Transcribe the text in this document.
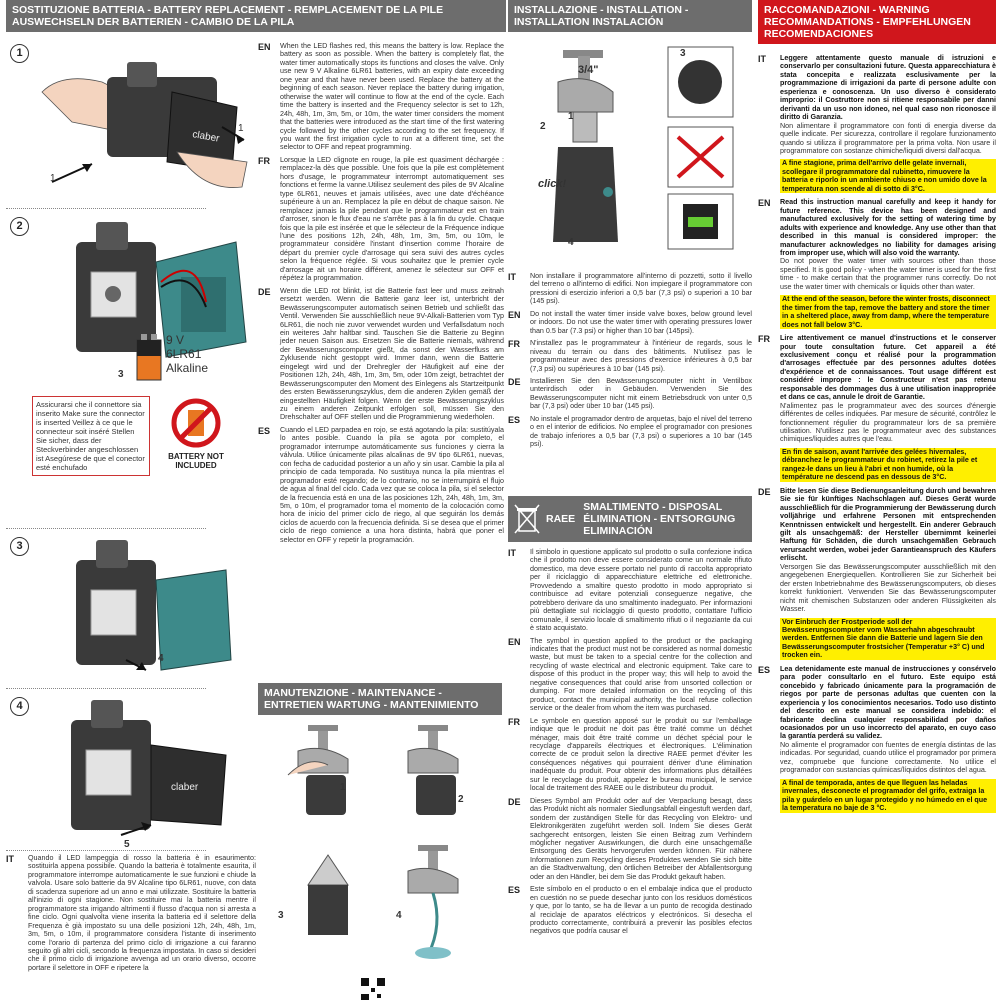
SOSTITUZIONE BATTERIA - BATTERY REPLACEMENT - REMPLACEMENT DE LA PILE
AUSWECHSELN DER BATTERIEN - CAMBIO DE LA PILA
1
2
3
4
claber
1
1
9 V
6LR61
Alkaline
3
Assicurarsi che il connettore sia inserito Make sure the connector is inserted Veillez à ce que le connecteur soit inséré Stellen Sie sicher, dass der Steckverbinder angeschlossen ist Asegúrese de que el conector esté enchufado
BATTERY NOT INCLUDED
4
claber
5
IT	Quando il LED lampeggia di rosso la batteria è in esaurimento: sostituirla appena possibile. Quando la batteria è totalmente esaurita, il programmatore interrompe automaticamente le sue funzioni e chiude la valvola. Usare solo batterie da 9V Alcaline tipo 6LR61, nuove, con data di scadenza superiore ad un anno e mai utilizzate. Sostituire la batteria all'inizio di ogni stagione. Non sostituire mai la batteria mentre il programmatore sta irrigando altrimenti il flusso d'acqua non si arresta a fine ciclo. Ogni qualvolta viene inserita la batteria ed il selettore della Frequenza è già impostato su una delle posizioni 12h, 24h, 48h, 1m, 3m, 5m, o 10m, il programmatore considera l'istante di inserimento come l'orario di partenza del primo ciclo di irrigazione a cui faranno seguito gli altri cicli, secondo la frequenza impostata. In caso si desideri che il primo ciclo di irrigazione avvenga ad un orario diverso, occorre portare il selettore in OFF e ripetere la
EN	When the LED flashes red, this means the battery is low. Replace the battery as soon as possible. When the battery is completely flat, the water timer automatically stops its functions and closes the valve. Only use new 9 V Alkaline 6LR61 batteries, with an expiry date exceeding one year and that have never been used. Replace the battery at the beginning of each season. Never replace the battery during irrigation, otherwise the water will continue to flow at the end of the cycle. Each time the battery is inserted and the Frequency selector is set to 12h, 24h, 48h, 1m, 3m, 5m, or 10m, the water timer considers the moment that the batteries were introduced as the start time of the first watering cycle followed by the other cycles according to the set frequency. If you want the first irrigation cycle to run at a different time, set the selector to OFF and repeat programming.
FR	Lorsque la LED clignote en rouge, la pile est quasiment déchargée : remplacez-la dès que possible. Une fois que la pile est complètement hors d'usage, le programmateur interrompt automatiquement ses fonctions et ferme la vanne.Utilisez seulement des piles de 9V Alcaline type 6LR61, neuves et jamais utilisées, avec une date d'échéance supérieure à un an. Remplacez la pile en début de chaque saison. Ne remplacez jamais la pile pendant que le programmateur est en train d'arroser, sinon le flux d'eau ne s'arrête pas à la fin du cycle. Chaque fois que la pile est insérée et que le sélecteur de la Fréquence indique l'une des positions 12h, 24h, 48h, 1m, 3m, 5m, ou 10m, le programmateur considère l'instant d'insertion comme l'horaire de départ du premier cycle d'arrosage qui sera suivi des autres cycles selon la fréquence réglée. Si vous souhaitez que le premier cycle d'arrosage ait un horaire différent, amenez le sélecteur sur OFF et répétez la programmation.
DE	Wenn die LED rot blinkt, ist die Batterie fast leer und muss zeitnah ersetzt werden. Wenn die Batterie ganz leer ist, unterbricht der Bewässerungscomputer automatisch seinen Betrieb und schließt das Ventil. Verwenden Sie ausschließlich neue 9V-Alkali-Batterien vom Typ 6LR61, die noch nie zuvor verwendet wurden und Verfallsdatum noch ein weiteres Jahr haltbar sind. Tauschen Sie die Batterie zu Beginn jeder neuen Saison aus. Ersetzen Sie die Batterie niemals, während der Bewässerungscomputer gießt, da sonst der Wasserfluss am Zyklusende nicht gestoppt wird. Immer dann, wenn die Batterie eingelegt wird und der Drehregler der Häufigkeit auf eine der Positionen 12h, 24h, 48h, 1m, 3m, 5m, oder 10m zeigt, betrachtet der Bewässerungscomputer den Moment des Einlegens als Startzeitpunkt des ersten Bewässerungszyklus, dem die anderen Zyklen gemäß der eingestellten Häufigkeit folgen. Wenn der erste Bewässerungszyklus zu einem anderen Zeitpunkt erfolgen soll, müssen Sie den Drehschalter auf OFF stellen und die Programmierung wiederholen.
ES	Cuando el LED parpadea en rojo, se está agotando la pila: sustitúyala lo antes posible. Cuando la pila se agota por completo, el programador interrumpe automáticamente sus funciones y cierra la válvula. Utilice únicamente pilas alcalinas de 9V tipo 6LR61, nuevas, con fecha de caducidad posterior a un año y sin usar. Cambie la pila al principio de cada temporada. No sustituya nunca la pila mientras el programador esté regando; de lo contrario, no se interrumpirá el flujo de agua al final del ciclo. Cada vez que se coloca la pila, si el selector de la frecuencia está en una de las posiciones 12h, 24h, 48h, 1m, 3m, 5m, o 10m, el programador toma el momento de la colocación como hora de inicio del primer ciclo de riego, al que seguirán los demás ciclos de acuerdo con la frecuencia definida. Si se desea que el primer ciclo de riego comience a una hora distinta, habrá que poner el selector en OFF y repetir la programación.
INSTALLAZIONE - INSTALLATION - INSTALLATION INSTALACIÓN
3/4"
click!
1
2
3
4
IT	Non installare il programmatore all'interno di pozzetti, sotto il livello del terreno o all'interno di edifici. Non impiegare il programmatore con pressioni di esercizio inferiori a 0,5 bar (7,3 psi) o superiori a 10 bar (145 psi).
EN	Do not install the water timer inside valve boxes, below ground level or indoors. Do not use the water timer with operating pressures lower than 0.5 bar (7.3 psi) or higher than 10 bar (145psi).
FR	N'installez pas le programmateur à l'intérieur de regards, sous le niveau du terrain ou dans des bâtiments. N'utilisez pas le programmateur avec des pressions d'exercice inférieures à 0,5 bar (7,3 psi) ou supérieures à 10 bar (145 psi).
DE	Installieren Sie den Bewässerungscomputer nicht in Ventilbox unterirdisch oder in Gebäuden. Verwenden Sie des Bewässerungscomputer nicht mit einem Betriebsdruck von unter 0,5 bar (7,3 psi) oder über 10 bar (145 psi).
ES	No instale el programador dentro de arquetas, bajo el nivel del terreno o en el interior de edificios. No emplee el programador con presiones de trabajo inferiores a 0,5 bar (7,3 psi) o superiores a 10 bar (145 psi).
RAEE
SMALTIMENTO - DISPOSAL ÉLIMINATION - ENTSORGUNG ELIMINACIÓN
IT	Il simbolo in questione applicato sul prodotto o sulla confezione indica che il prodotto non deve essere considerato come un normale rifiuto domestico, ma deve essere portato nel punto di raccolta appropriato per il riciclaggio di apparecchiature elettriche ed elettroniche. Provvedendo a smaltire questo prodotto in modo appropriato si contribuisce ad evitare potenziali conseguenze negative, che potrebbero derivare da uno smaltimento inadeguato. Per informazioni più dettagliate sul riciclaggio di questo prodotto, contattare l'ufficio comunale, il servizio locale di smaltimento rifiuti o il negoziante da cui è stato acquistato.
EN	The symbol in question applied to the product or the packaging indicates that the product must not be considered as normal domestic waste, but must be taken to a special centre for the collection and recycling of waste electrical and electronic equipment. Take care to dispose of this product in the proper way; this will help to avoid the negative consequences that could arise from unsorted collection or dumping. For more detailed information on the recycling of this product, contact the municipal authority, the local refuse collection service or the dealer from whom the item was purchased.
FR	Le symbole en question apposé sur le produit ou sur l'emballage indique que le produit ne doit pas être traité comme un déchet ménager, mais doit être traité comme un déchet spécial pour le recyclage d'appareils électriques et électroniques. L'élimination correcte de ce produit selon la directive RAEE permet d'éviter les conséquences négatives qui pourraient dériver d'une élimination inadéquate du produit. Pour obtenir des informations plus détaillées sur le recyclage du produit, appelez le bureau municipal, le service local de traitement des RAEE ou le distributeur du produit.
DE	Dieses Symbol am Produkt oder auf der Verpackung besagt, dass das Produkt nicht als normaler Siedlungsabfall eingestuft werden darf, sondern der zuständigen Stelle für das Recycling von Elektro- und Elektronikgeräten zugeführt werden soll. Indem Sie dieses Gerät sachgerecht entsorgen, leisten Sie einen Beitrag zum Verhindern möglicher negativer Auswirkungen, die durch eine unsachgemäße Entsorgung des Geräts hervorgerufen werden können. Für nähere Informationen zum Recycling dieses Produktes wenden Sie sich bitte an die Stadtverwaltung, den örtlichen Betreiber der Abfallentsorgung oder an den Händler, bei dem Sie das Produkt gekauft haben.
ES	Este símbolo en el producto o en el embalaje indica que el producto en cuestión no se puede desechar junto con los residuos domésticos y que, por lo tanto, se ha de llevar a un punto de recogida destinado al reciclaje de aparatos eléctricos y electrónicos. Si desecha el producto correctamente, contribuirá a prevenir las posibles efectos negativos que podría causar el
MANUTENZIONE - MAINTENANCE - ENTRETIEN WARTUNG - MANTENIMIENTO
1
2
3	4
RACCOMANDAZIONI - WARNING RECOMMANDATIONS - EMPFEHLUNGEN RECOMENDACIONES
IT	Leggere attentamente questo manuale di istruzioni e conservarlo per consultazioni future. Questa apparecchiatura è stata concepita e realizzata esclusivamente per la programmazione di irrigazioni da parte di persone adulte con esperienza e conoscenza. Un uso diverso è considerato improprio: il Costruttore non si ritiene responsabile per danni derivanti da un uso non idoneo, nel qual caso non riconosce il diritto di Garanzia.
Non alimentare il programmatore con fonti di energia diverse da quelle indicate. Per sicurezza, controllare il regolare funzionamento quando si utilizza il programmatore per la prima volta. Non usare il programmatore con sostanze chimiche/liquidi diversi dall'acqua.
A fine stagione, prima dell'arrivo delle gelate invernali, scollegare il programmatore dal rubinetto, rimuovere la batteria e riporlo in un ambiente chiuso e non umido dove la temperatura non scende al di sotto di 3°C.
EN	Read this instruction manual carefully and keep it handy for future reference. This device has been designed and manufactured exclusively for the setting of watering time by adults with experience and knowledge. Any use other than that described in this manual is considered improper: the manufacturer acknowledges no liability for damages arising from improper use, which will also void the warranty.
Do not power the water timer with sources other than those specified. It is good policy - when the water timer is used for the first time - to make certain that the programmer runs correctly. Do not use the water timer with chemicals or liquids other than water.
At the end of the season, before the winter frosts, disconnect the timer from the tap, remove the battery and store the timer in a sheltered place, away from damp, where the temperature does not fall below 3°C.
FR	Lire attentivement ce manuel d'instructions et le conserver pour toute consultation future. Cet appareil a été exclusivement conçu et réalisé pour la programmation d'arrosages effectuée par des personnes adultes dotées d'expérience et de connaissances. Tout usage différent est considéré impropre : le Constructeur n'est pas retenu responsable des dommages dus à une utilisation inappropriée et dans ce cas, annule le droit de Garantie.
N'alimentez pas le programmateur avec des sources d'énergie différentes de celles indiquées. Par mesure de sécurité, contrôlez le fonctionnement régulier du programmateur lors de sa première utilisation. N'utilisez pas le programmateur avec des substances chimiques/liquides autres que l'eau.
En fin de saison, avant l'arrivée des gelées hivernales, débranchez le programmateur du robinet, retirez la pile et rangez-le dans un lieu à l'abri et non humide, où la température ne descend pas en dessous de 3°C.
DE	Bitte lesen Sie diese Bedienungsanleitung durch und bewahren Sie sie für künftiges Nachschlagen auf. Dieses Gerät wurde ausschließlich für die Programmierung der Bewässerung durch volljährige und erfahrene Personen mit entsprechenden Kenntnissen entwickelt und hergestellt. Ein anderer Gebrauch gilt als unsachgemäß: der Hersteller übernimmt keinerlei Haftung für Schäden, die durch unsachgemäßen Gebrauch verursacht werden, wobei jeder Garantieanspruch des Käufers erlischt.
Versorgen Sie das Bewässerungscomputer ausschließlich mit den angegebenen Energiequellen. Kontrollieren Sie zur Sicherheit bei der ersten Inbetriebnahme des Bewässerungscomputers, ob dieses korrekt funktioniert. Verwenden Sie das Bewässerungscomputer nicht mit chemischen Substanzen oder anderen Flüssigkeiten als Wasser.
Vor Einbruch der Frostperiode soll der Bewässerungscomputer vom Wasserhahn abgeschraubt werden. Entfernen Sie dann die Batterie und lagern Sie den Bewässerungscomputer frostsicher (Temperatur +3° C) und trocken ein.
ES	Lea detenidamente este manual de instrucciones y consérvelo para poder consultarlo en el futuro. Este equipo está concebido y fabricado únicamente para la programación de riegos por parte de personas adultas que cuenten con la experiencia y los conocimientos necesarios. Todo uso distinto del descrito en este manual se considera indebido: el fabricante declina cualquier responsabilidad por daños ocasionados por un uso incorrecto del aparato, en cuyo caso la garantía perderá su validez.
No alimente el programador con fuentes de energía distintas de las indicadas. Por seguridad, cuando utilice el programador por primera vez, compruebe que funcione correctamente. No utilice el programador con sustancias químicas/líquidos distintos del agua.
A final de temporada, antes de que lleguen las heladas invernales, desconecte el programador del grifo, extraiga la pila y guárdelo en un lugar protegido y no húmedo en el que la temperatura no baje de 3 °C.
